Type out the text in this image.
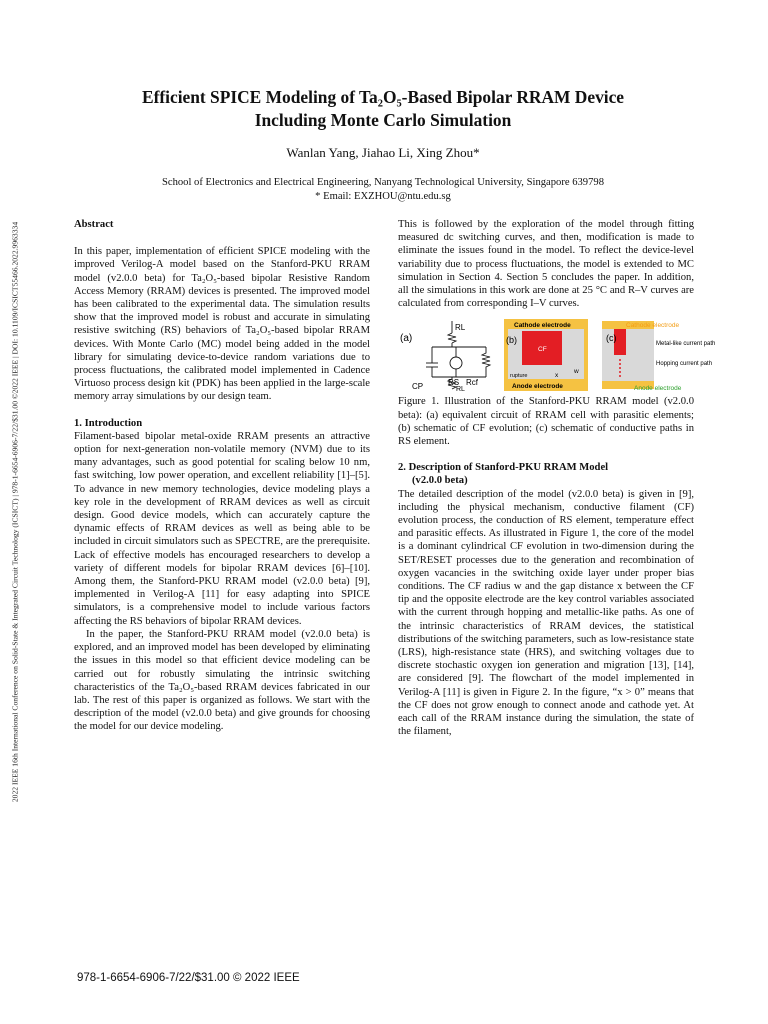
2022 IEEE 16th International Conference on Solid-State & Integrated Circuit Technology (ICSICT) | 978-1-6654-6906-7/22/$31.00 ©2022 IEEE | DOI: 10.1109/ICSICT55466.2022.9963334
Efficient SPICE Modeling of Ta₂O₅-Based Bipolar RRAM Device
Including Monte Carlo Simulation
Wanlan Yang, Jiahao Li, Xing Zhou*
School of Electronics and Electrical Engineering, Nanyang Technological University, Singapore 639798
* Email: EXZHOU@ntu.edu.sg
Abstract

In this paper, implementation of efficient SPICE modeling with the improved Verilog-A model based on the Stanford-PKU RRAM model (v2.0.0 beta) for Ta₂O₅-based bipolar Resistive Random Access Memory (RRAM) devices is presented. The improved model has been calibrated to the experimental data. The simulation results show that the improved model is robust and accurate in simulating resistive switching (RS) behaviors of Ta₂O₅-based bipolar RRAM devices. With Monte Carlo (MC) model being added in the model library for simulating device-to-device random variations due to process fluctuations, the calibrated model implemented in Cadence Virtuoso process design kit (PDK) has been applied in the large-scale memory array simulations by our design team.

1. Introduction

Filament-based bipolar metal-oxide RRAM presents an attractive option for next-generation non-volatile memory (NVM) due to its many advantages, such as good potential for scaling below 10 nm, fast switching, low power operation, and excellent reliability [1]–[5]. To advance in new memory technologies, device modeling plays a key role in the development of RRAM devices as well as circuit design. Good device models, which can accurately capture the dynamic effects of RRAM devices as well as being able to be included in circuit simulators such as SPECTRE, are the prerequisite. Lack of effective models has encouraged researchers to develop a variety of different models for bipolar RRAM devices [6]–[10]. Among them, the Stanford-PKU RRAM model (v2.0.0 beta) [9], implemented in Verilog-A [11] for easy adapting into SPICE simulators, is a comprehensive model to include various factors affecting the RS behaviors of bipolar RRAM devices.

In the paper, the Stanford-PKU RRAM model (v2.0.0 beta) is explored, and an improved model has been developed by eliminating the issues in this model so that efficient device modeling can be carried out for robustly simulating the intrinsic switching characteristics of the Ta₂O₅-based RRAM devices fabricated in our lab. The rest of this paper is organized as follows. We start with the description of the model (v2.0.0 beta) and give grounds for choosing the model for our device modeling.

This is followed by the exploration of the model through fitting measured dc switching curves, and then, modification is made to eliminate the issues found in the model. To reflect the device-level variability due to process fluctuations, the model is extended to MC simulation in Section 4. Section 5 concludes the paper. In addition, all the simulations in this work are done at 25 °C and R–V curves are calculated from corresponding I–V curves.

(a)
RL
CP	RS Rcf
RL
(b)
Cathode electrode
CF
w
x
rupture
Anode electrode
(c)
Cathode electrode
Anode electrode
Metal-like current path
Hopping current path

Figure 1. Illustration of the Stanford-PKU RRAM model (v2.0.0 beta): (a) equivalent circuit of RRAM cell with parasitic elements; (b) schematic of CF evolution; (c) schematic of conductive paths in RS element.

2. Description of Stanford-PKU RRAM Model
(v2.0.0 beta)

The detailed description of the model (v2.0.0 beta) is given in [9], including the physical mechanism, conductive filament (CF) evolution process, the conduction of RS element, temperature effect and parasitic effects. As illustrated in Figure 1, the core of the model is a dominant cylindrical CF evolution in two-dimension during the SET/RESET processes due to the generation and recombination of oxygen vacancies in the switching oxide layer under proper bias conditions. The CF radius w and the gap distance x between the CF tip and the opposite electrode are the key control variables associated with the current through hopping and metallic-like paths. As one of the intrinsic characteristics of RRAM devices, the statistical distributions of the switching parameters, such as low-resistance state (LRS), high-resistance state (HRS), and switching voltages due to discrete stochastic oxygen ion generation and migration [13], [14], are considered [9]. The flowchart of the model implemented in Verilog-A [11] is given in Figure 2. In the figure, “x > 0” means that the CF does not grow enough to connect anode and cathode yet. At each call of the RRAM instance during the simulation, the state of the filament,

978-1-6654-6906-7/22/$31.00 © 2022 IEEE
